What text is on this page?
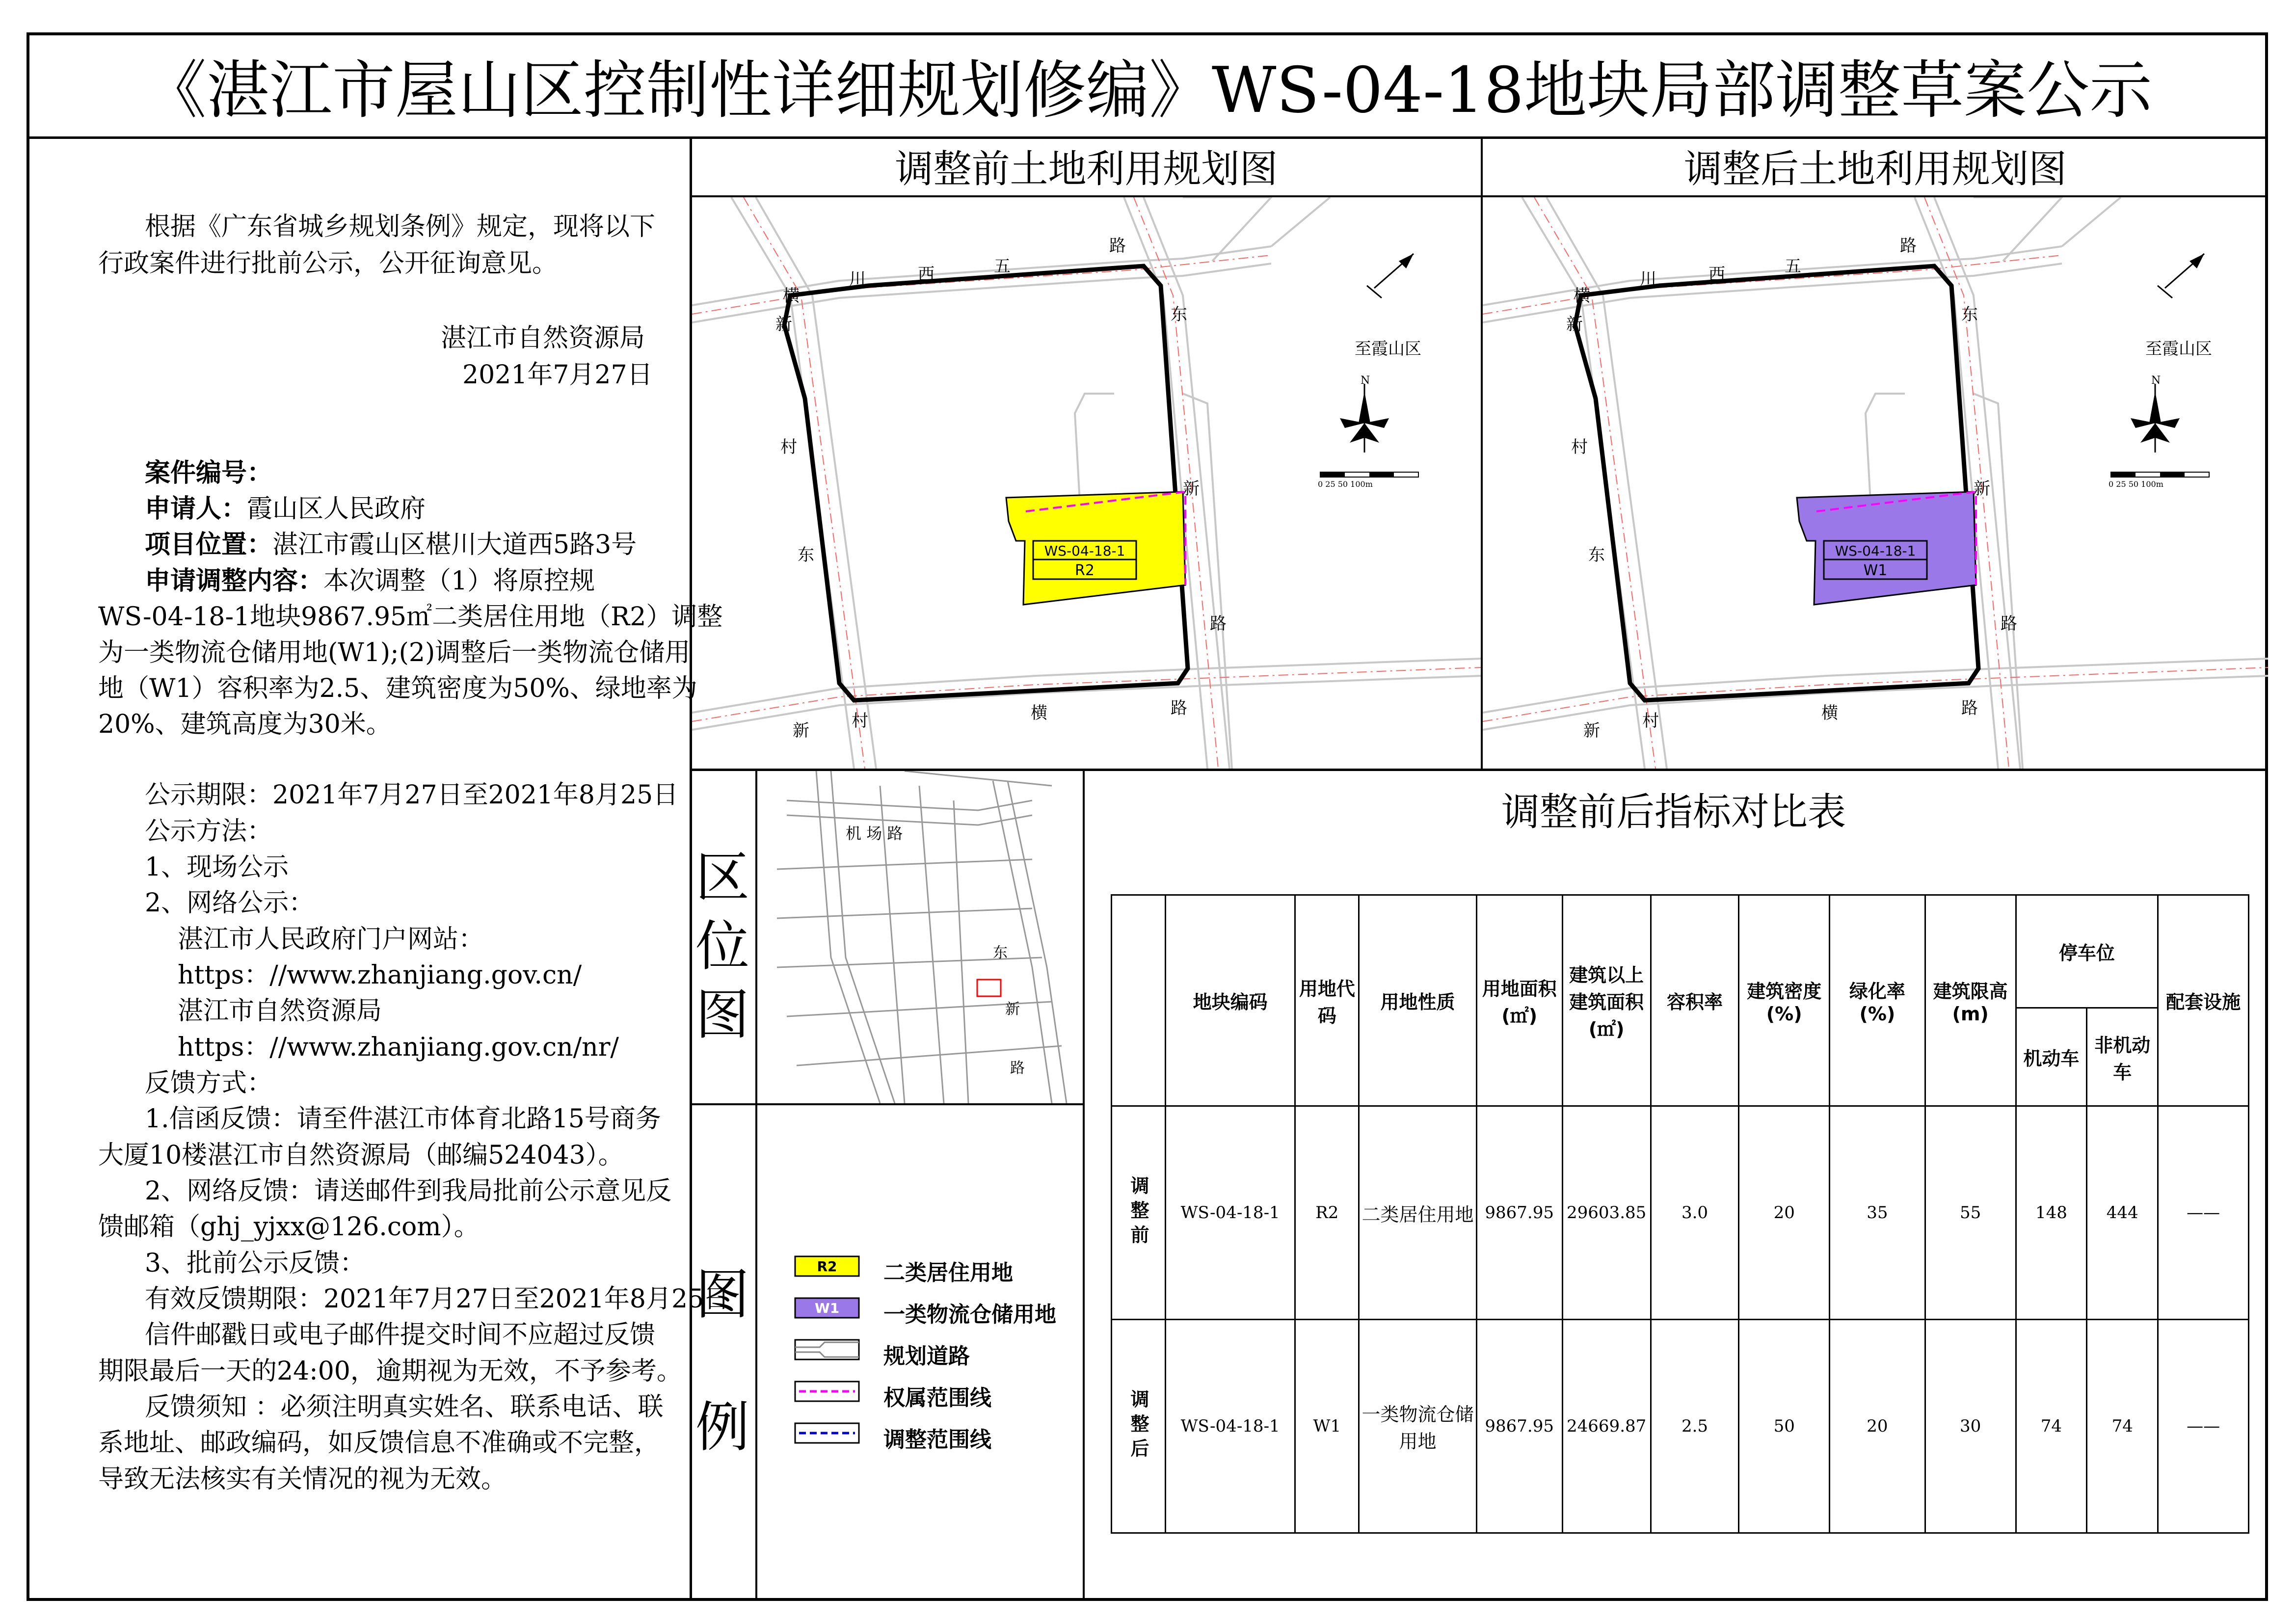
《湛江市屋山区控制性详细规划修编》WS-04-18地块局部调整草案公示
根据《广东省城乡规划条例》规定，现将以下
行政案件进行批前公示，公开征询意见。
湛江市自然资源局
2021年7月27日
案件编号：
申请人：霞山区人民政府
项目位置：湛江市霞山区椹川大道西5路3号
申请调整内容：本次调整（1）将原控规
WS-04-18-1地块9867.95㎡二类居住用地（R2）调整
为一类物流仓储用地(W1);(2)调整后一类物流仓储用
地（W1）容积率为2.5、建筑密度为50%、绿地率为
20%、建筑高度为30米。
公示期限：2021年7月27日至2021年8月25日
公示方法：
1、现场公示
2、网络公示：
湛江市人民政府门户网站：
https：//www.zhanjiang.gov.cn/
湛江市自然资源局
https：//www.zhanjiang.gov.cn/nr/
反馈方式：
1.信函反馈：请至件湛江市体育北路15号商务
大厦10楼湛江市自然资源局（邮编524043）。
2、网络反馈：请送邮件到我局批前公示意见反
馈邮箱（ghj_yjxx@126.com）。
3、批前公示反馈：
有效反馈期限：2021年7月27日至2021年8月25日
信件邮戳日或电子邮件提交时间不应超过反馈
期限最后一天的24:00，逾期视为无效，不予参考。
反馈须知 ：必须注明真实姓名、联系电话、联
系地址、邮政编码，如反馈信息不准确或不完整，
导致无法核实有关情况的视为无效。
调整前土地利用规划图	调整后土地利用规划图
WS-04-18-1
R2
横
川	西	五
路
东
新
新
村
东
路
新	村	横	路
至霞山区
N
0 25 50 100m
WS-04-18-1
W1
横
川	西	五
路
东
新
新
村
东
路
新	村	横	路
至霞山区
N
0 25 50 100m
区
位
图
机 场 路
东
新
路
图
例
R2
W1
二类居住用地
一类物流仓储用地
规划道路
权属范围线
调整范围线
调整前后指标对比表
	地块编码	用地代码	用地性质	用地面积(㎡)	建筑以上建筑面积(㎡)	容积率	建筑密度(%)	绿化率(%)	建筑限高(m)	停车位		配套设施
										机动车	非机动车	
调整前	WS-04-18-1	R2	二类居住用地	9867.95	29603.85	3.0	20	35	55	148	444	——
调整后	WS-04-18-1	W1	一类物流仓储用地	9867.95	24669.87	2.5	50	20	30	74	74	——
